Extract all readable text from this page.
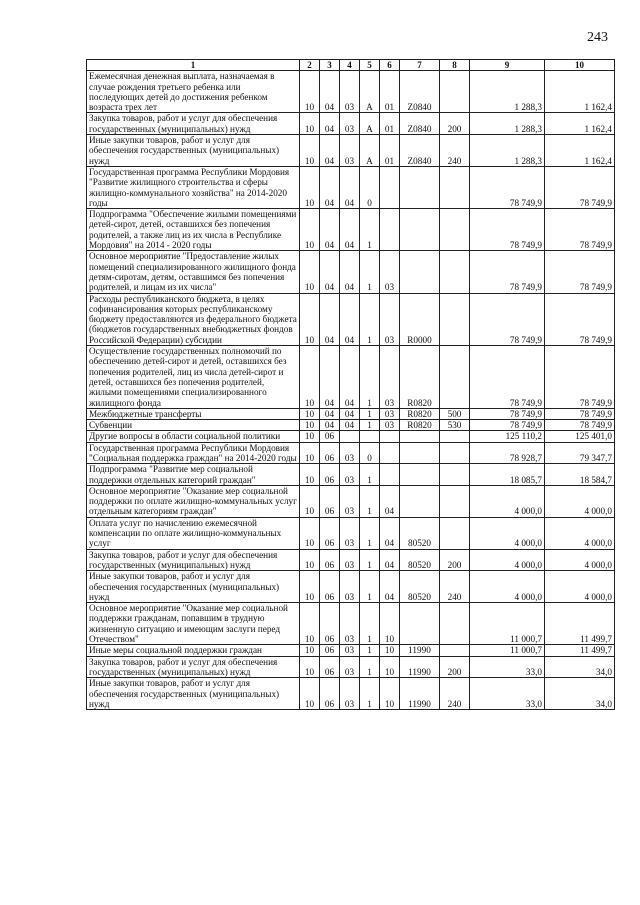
243
1	2	3	4	5	6	7	8	9	10
Ежемесячная денежная выплата, назначаемая в случае рождения третьего ребенка или последующих детей до достижения ребенком возраста трех лет	10	04	03	А	01	Z0840		1 288,3	1 162,4
Закупка товаров, работ и услуг для обеспечения государственных (муниципальных) нужд	10	04	03	А	01	Z0840	200	1 288,3	1 162,4
Иные закупки товаров, работ и услуг для обеспечения государственных (муниципальных) нужд	10	04	03	А	01	Z0840	240	1 288,3	1 162,4
Государственная программа Республики Мордовия "Развитие жилищного строительства и сферы жилищно-коммунального хозяйства" на 2014-2020 годы	10	04	04	0				78 749,9	78 749,9
Подпрограмма "Обеспечение жилыми помещениями детей-сирот, детей, оставшихся без попечения родителей, а также лиц из их числа в Республике Мордовия" на 2014 - 2020 годы	10	04	04	1				78 749,9	78 749,9
Основное мероприятие "Предоставление жилых помещений специализированного жилищного фонда детям-сиротам, детям, оставшимся без попечения родителей, и лицам из их числа"	10	04	04	1	03			78 749,9	78 749,9
Расходы республиканского бюджета, в целях софинансирования которых республиканскому бюджету предоставляются из федерального бюджета (бюджетов государственных внебюджетных фондов Российской Федерации) субсидии	10	04	04	1	03	R0000		78 749,9	78 749,9
Осуществление государственных полномочий по обеспечению детей-сирот и детей, оставшихся без попечения родителей, лиц из числа детей-сирот и детей, оставшихся без попечения родителей, жилыми помещениями специализированного жилищного фонда	10	04	04	1	03	R0820		78 749,9	78 749,9
Межбюджетные трансферты	10	04	04	1	03	R0820	500	78 749,9	78 749,9
Субвенции	10	04	04	1	03	R0820	530	78 749,9	78 749,9
Другие вопросы в области социальной политики	10	06						125 110,2	125 401,0
Государственная программа Республики Мордовия "Социальная поддержка граждан" на 2014-2020 годы	10	06	03	0				78 928,7	79 347,7
Подпрограмма "Развитие мер социальной поддержки отдельных категорий граждан"	10	06	03	1				18 085,7	18 584,7
Основное мероприятие "Оказание мер социальной поддержки по оплате жилищно-коммунальных услуг отдельным категориям граждан"	10	06	03	1	04			4 000,0	4 000,0
Оплата услуг по начислению ежемесячной компенсации по оплате жилищно-коммунальных услуг	10	06	03	1	04	80520		4 000,0	4 000,0
Закупка товаров, работ и услуг для обеспечения государственных (муниципальных) нужд	10	06	03	1	04	80520	200	4 000,0	4 000,0
Иные закупки товаров, работ и услуг для обеспечения государственных (муниципальных) нужд	10	06	03	1	04	80520	240	4 000,0	4 000,0
Основное мероприятие "Оказание мер социальной поддержки гражданам, попавшим в трудную жизненную ситуацию и имеющим заслуги перед Отечеством"	10	06	03	1	10			11 000,7	11 499,7
Иные меры социальной поддержки граждан	10	06	03	1	10	11990		11 000,7	11 499,7
Закупка товаров, работ и услуг для обеспечения государственных (муниципальных) нужд	10	06	03	1	10	11990	200	33,0	34,0
Иные закупки товаров, работ и услуг для обеспечения государственных (муниципальных) нужд	10	06	03	1	10	11990	240	33,0	34,0
